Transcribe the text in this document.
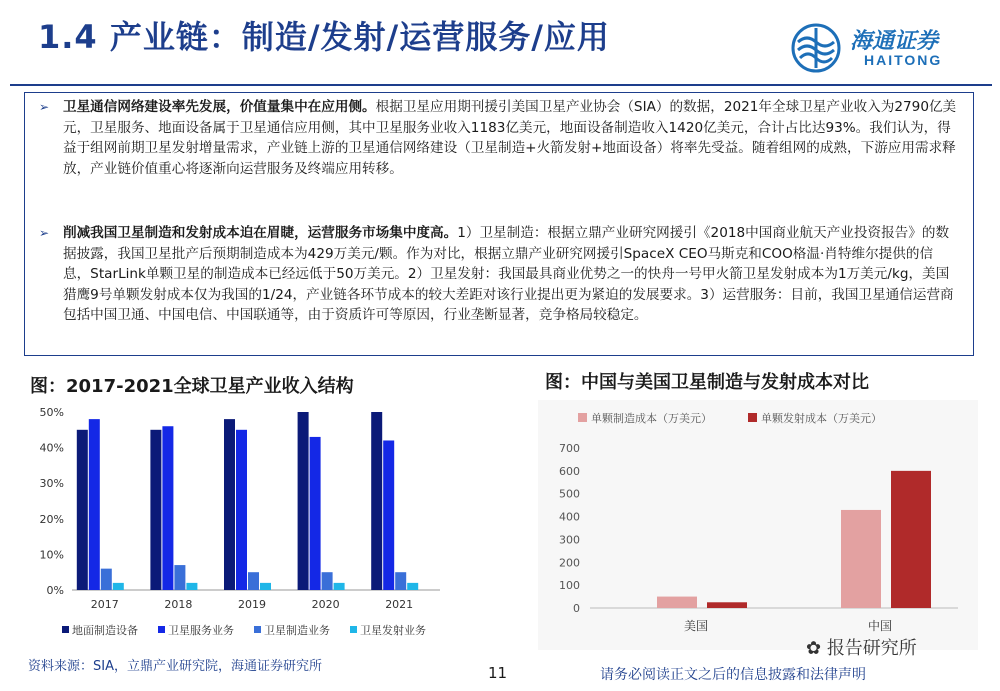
1.4 产业链：制造/发射/运营服务/应用	海通证券
HAITONG
➢ 卫星通信网络建设率先发展，价值量集中在应用侧。根据卫星应用期刊援引美国卫星产业协会（SIA）的数据，2021年全球卫星产业收入为2790亿美元，卫星服务、地面设备属于卫星通信应用侧，其中卫星服务业收入1183亿美元，地面设备制造收入1420亿美元，合计占比达93%。我们认为，得益于组网前期卫星发射增量需求，产业链上游的卫星通信网络建设（卫星制造+火箭发射+地面设备）将率先受益。随着组网的成熟，下游应用需求释放，产业链价值重心将逐渐向运营服务及终端应用转移。
➢ 削减我国卫星制造和发射成本迫在眉睫，运营服务市场集中度高。1）卫星制造：根据立鼎产业研究网援引《2018中国商业航天产业投资报告》的数据披露，我国卫星批产后预期制造成本为429万美元/颗。作为对比，根据立鼎产业研究网援引SpaceX CEO马斯克和COO格温·肖特维尔提供的信息，StarLink单颗卫星的制造成本已经远低于50万美元。2）卫星发射：我国最具商业优势之一的快舟一号甲火箭卫星发射成本为1万美元/kg，美国猎鹰9号单颗发射成本仅为我国的1/24，产业链各环节成本的较大差距对该行业提出更为紧迫的发展要求。3）运营服务：目前，我国卫星通信运营商包括中国卫通、中国电信、中国联通等，由于资质许可等原因，行业垄断显著，竞争格局较稳定。
图：2017-2021全球卫星产业收入结构	图：中国与美国卫星制造与发射成本对比
0%
10%
20%
30%
40%
50%
2017	2018	2019	2020	2021
地面制造设备	卫星服务业务	卫星制造业务	卫星发射业务
0
100
200
300
400
500
600
700
美国	中国
单颗制造成本（万美元）	单颗发射成本（万美元）
资料来源：SIA，立鼎产业研究院，海通证券研究所	11	请务必阅读正文之后的信息披露和法律声明
✿ 报告研究所
